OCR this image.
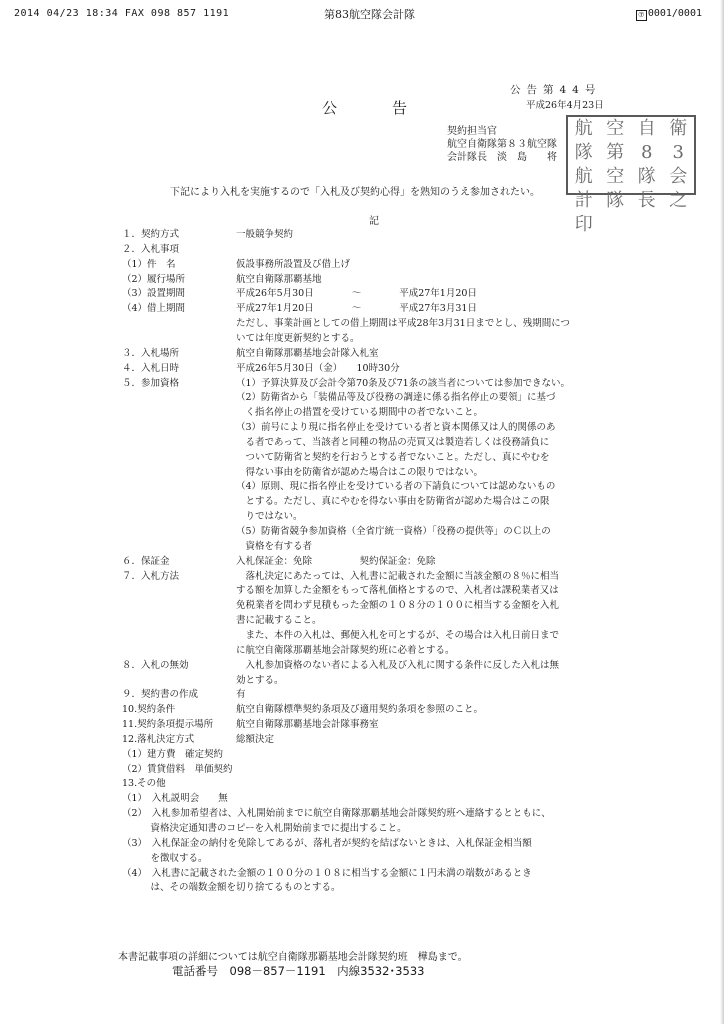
2014 04/23 18:34 FAX 098 857 1191	第83航空隊会計隊	⑦ 0001/0001
公告第44号
公告	平成26年4月23日
契約担当官
航空自衛隊第８３航空隊
会計隊長　淡　島　　将
航 空 自 衛
隊 第 8	3
航 空 隊 会
計 隊 長 之
印
下記により入札を実施するので「入札及び契約心得」を熟知のうえ参加されたい。
記
１．契約方式	一般競争契約
２．入札事項
（1）件　名	仮設事務所設置及び借上げ
（2）履行場所	航空自衛隊那覇基地
（3）設置期間	平成26年5月30日　　　　～　　　　平成27年1月20日
（4）借上期間	平成27年1月20日　　　　～　　　　平成27年3月31日
ただし、事業計画としての借上期間は平成28年3月31日までとし、残期間につ
いては年度更新契約とする。
３．入札場所	航空自衛隊那覇基地会計隊入札室
４．入札日時	平成26年5月30日（金）　　10時30分
５．参加資格	（1）予算決算及び会計令第70条及び71条の該当者については参加できない。
（2）防衛省から「装備品等及び役務の調達に係る指名停止の要領」に基づ
　く指名停止の措置を受けている期間中の者でないこと。
（3）前号により現に指名停止を受けている者と資本関係又は人的関係のあ
　る者であって、当該者と同種の物品の売買又は製造若しくは役務請負に
　ついて防衛省と契約を行おうとする者でないこと。ただし、真にやむを
　得ない事由を防衛省が認めた場合はこの限りではない。
（4）原則、現に指名停止を受けている者の下請負については認めないもの
　とする。ただし、真にやむを得ない事由を防衛省が認めた場合はこの限
　りではない。
（5）防衛省競争参加資格（全省庁統一資格）「役務の提供等」のＣ以上の
　資格を有する者
６．保証金	入札保証金：免除　　　　　契約保証金：免除
７．入札方法	　落札決定にあたっては、入札書に記載された金額に当該金額の８％に相当
する額を加算した金額をもって落札価格とするので、入札者は課税業者又は
免税業者を問わず見積もった金額の１０８分の１００に相当する金額を入札
書に記載すること。
　また、本件の入札は、郵便入札を可とするが、その場合は入札日前日まで
に航空自衛隊那覇基地会計隊契約班に必着とする。
８．入札の無効	　入札参加資格のない者による入札及び入札に関する条件に反した入札は無
効とする。
９．契約書の作成	有
10.契約条件	航空自衛隊標準契約条項及び適用契約条項を参照のこと。
11.契約条項提示場所 航空自衛隊那覇基地会計隊事務室
12.落札決定方式	総額決定
（1）建方費　確定契約
（2）賃貸借料　単価契約
13.その他
（1）　入札説明会　　無
（2）　入札参加希望者は、入札開始前までに航空自衛隊那覇基地会計隊契約班へ連絡するとともに、
　　　資格決定通知書のコピーを入札開始前までに提出すること。
（3）　入札保証金の納付を免除してあるが、落札者が契約を結ばないときは、入札保証金相当額
　　　を徴収する。
（4）　入札書に記載された金額の１００分の１０８に相当する金額に１円未満の端数があるとき
　　　は、その端数金額を切り捨てるものとする。
本書記載事項の詳細については航空自衛隊那覇基地会計隊契約班　樺島まで。
電話番号　098－857－1191　内線3532･3533
